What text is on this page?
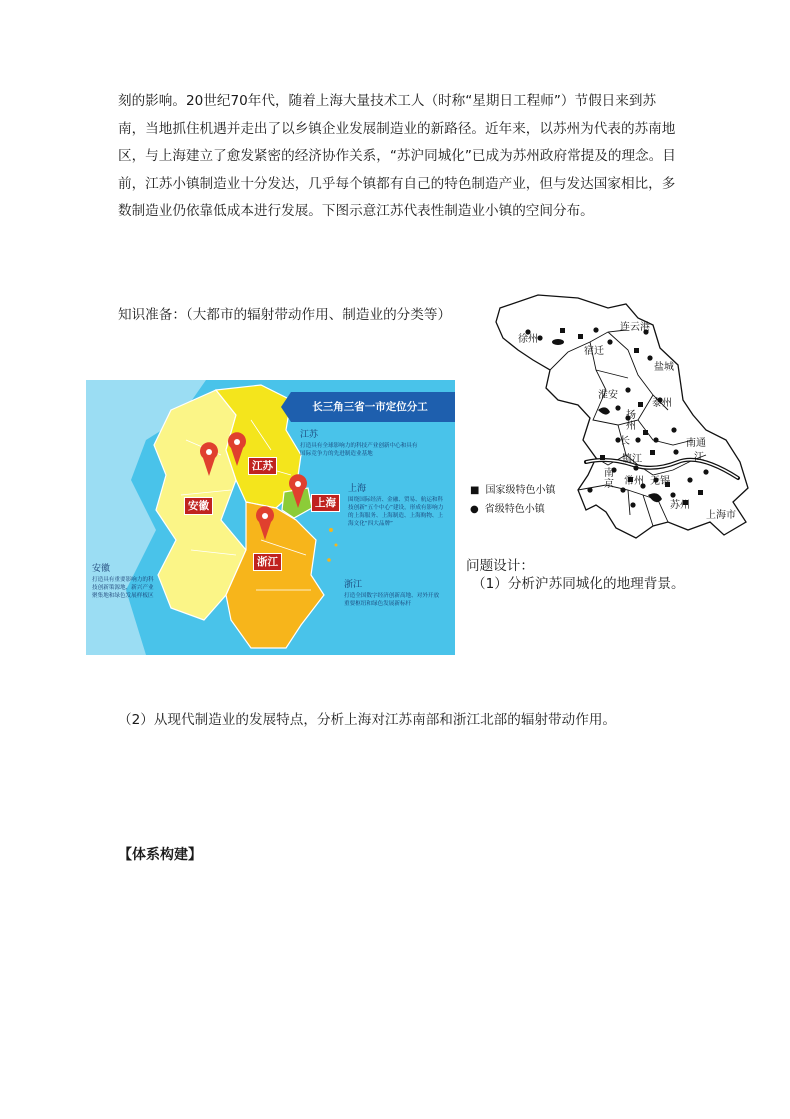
刻的影响。20世纪70年代，随着上海大量技术工人（时称“星期日工程师”）节假日来到苏南，当地抓住机遇并走出了以乡镇企业发展制造业的新路径。近年来，以苏州为代表的苏南地区，与上海建立了愈发紧密的经济协作关系，“苏沪同城化”已成为苏州政府常提及的理念。目前，江苏小镇制造业十分发达，几乎每个镇都有自己的特色制造产业，但与发达国家相比，多数制造业仍依靠低成本进行发展。下图示意江苏代表性制造业小镇的空间分布。

知识准备：（大都市的辐射带动作用、制造业的分类等）

长三角三省一市定位分工
江苏
安徽	上海
浙江
江苏
打造具有全球影响力的科技产业创新中心和具有国际竞争力的先进制造业基地
上海
围绕国际经济、金融、贸易、航运和科技创新“五个中心”建设，形成有影响力的上海服务、上海制造、上海购物、上海文化“四大品牌”
安徽
打造具有重要影响力的科技创新策源地、新兴产业聚集地和绿色发展样板区
浙江
打造全国数字经济创新高地、对外开放重要枢纽和绿色发展新标杆
徐州
宿迁
连云港
盐城
淮安
泰州
扬州
长	南通
江
镇江
南京 常州 无锡
苏州
上海市
■ 国家级特色小镇
● 省级特色小镇
问题设计：
（1）分析沪苏同城化的地理背景。
（2）从现代制造业的发展特点，分析上海对江苏南部和浙江北部的辐射带动作用。
【体系构建】
